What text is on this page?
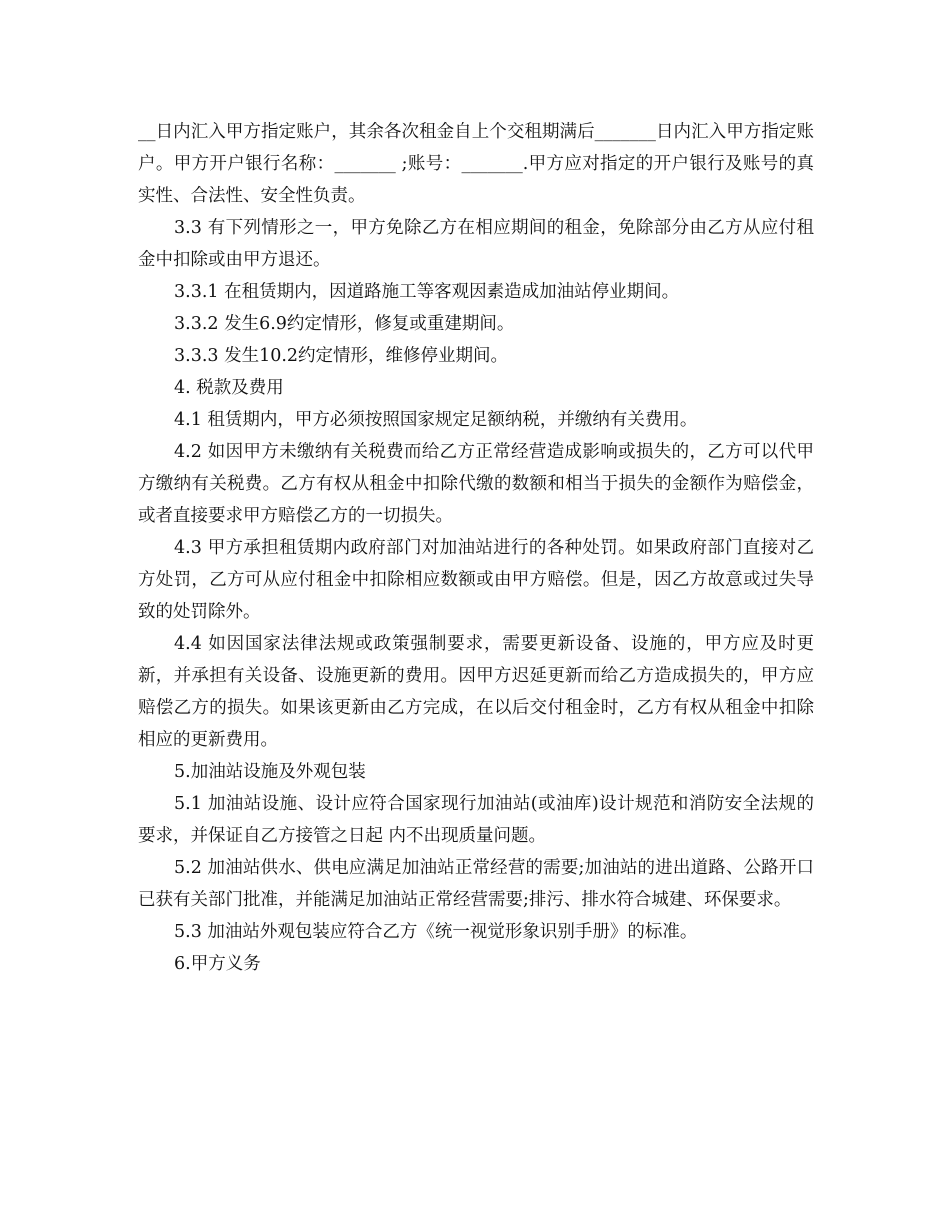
__日内汇入甲方指定账户，其余各次租金自上个交租期满后_______日内汇入甲方指定账户。甲方开户银行名称：_______ ;账号：_______.甲方应对指定的开户银行及账号的真实性、合法性、安全性负责。

3.3 有下列情形之一，甲方免除乙方在相应期间的租金，免除部分由乙方从应付租金中扣除或由甲方退还。

3.3.1 在租赁期内，因道路施工等客观因素造成加油站停业期间。

3.3.2 发生6.9约定情形，修复或重建期间。

3.3.3 发生10.2约定情形，维修停业期间。

4. 税款及费用

4.1 租赁期内，甲方必须按照国家规定足额纳税，并缴纳有关费用。

4.2 如因甲方未缴纳有关税费而给乙方正常经营造成影响或损失的，乙方可以代甲方缴纳有关税费。乙方有权从租金中扣除代缴的数额和相当于损失的金额作为赔偿金，或者直接要求甲方赔偿乙方的一切损失。

4.3 甲方承担租赁期内政府部门对加油站进行的各种处罚。如果政府部门直接对乙方处罚，乙方可从应付租金中扣除相应数额或由甲方赔偿。但是，因乙方故意或过失导致的处罚除外。

4.4 如因国家法律法规或政策强制要求，需要更新设备、设施的，甲方应及时更新，并承担有关设备、设施更新的费用。因甲方迟延更新而给乙方造成损失的，甲方应赔偿乙方的损失。如果该更新由乙方完成，在以后交付租金时，乙方有权从租金中扣除相应的更新费用。

5.加油站设施及外观包装

5.1 加油站设施、设计应符合国家现行加油站(或油库)设计规范和消防安全法规的要求，并保证自乙方接管之日起 内不出现质量问题。

5.2 加油站供水、供电应满足加油站正常经营的需要;加油站的进出道路、公路开口已获有关部门批准，并能满足加油站正常经营需要;排污、排水符合城建、环保要求。

5.3 加油站外观包装应符合乙方《统一视觉形象识别手册》的标准。

6.甲方义务
